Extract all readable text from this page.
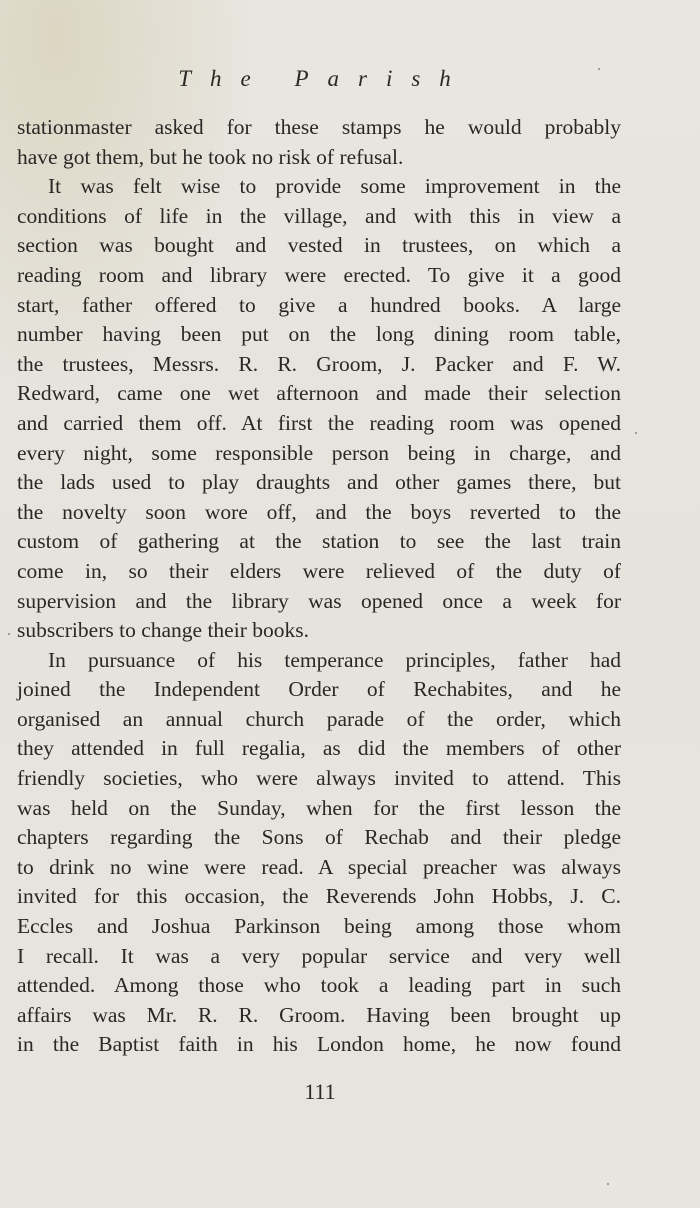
The Parish
stationmaster asked for these stamps he would probably
have got them, but he took no risk of refusal.
It was felt wise to provide some improvement in the
conditions of life in the village, and with this in view a
section was bought and vested in trustees, on which a
reading room and library were erected. To give it a good
start, father offered to give a hundred books. A large
number having been put on the long dining room table,
the trustees, Messrs. R. R. Groom, J. Packer and F. W.
Redward, came one wet afternoon and made their selection
and carried them off. At first the reading room was opened
every night, some responsible person being in charge, and
the lads used to play draughts and other games there, but
the novelty soon wore off, and the boys reverted to the
custom of gathering at the station to see the last train
come in, so their elders were relieved of the duty of
supervision and the library was opened once a week for
subscribers to change their books.
In pursuance of his temperance principles, father had
joined the Independent Order of Rechabites, and he
organised an annual church parade of the order, which
they attended in full regalia, as did the members of other
friendly societies, who were always invited to attend. This
was held on the Sunday, when for the first lesson the
chapters regarding the Sons of Rechab and their pledge
to drink no wine were read. A special preacher was always
invited for this occasion, the Reverends John Hobbs, J. C.
Eccles and Joshua Parkinson being among those whom
I recall. It was a very popular service and very well
attended. Among those who took a leading part in such
affairs was Mr. R. R. Groom. Having been brought up
in the Baptist faith in his London home, he now found
111
